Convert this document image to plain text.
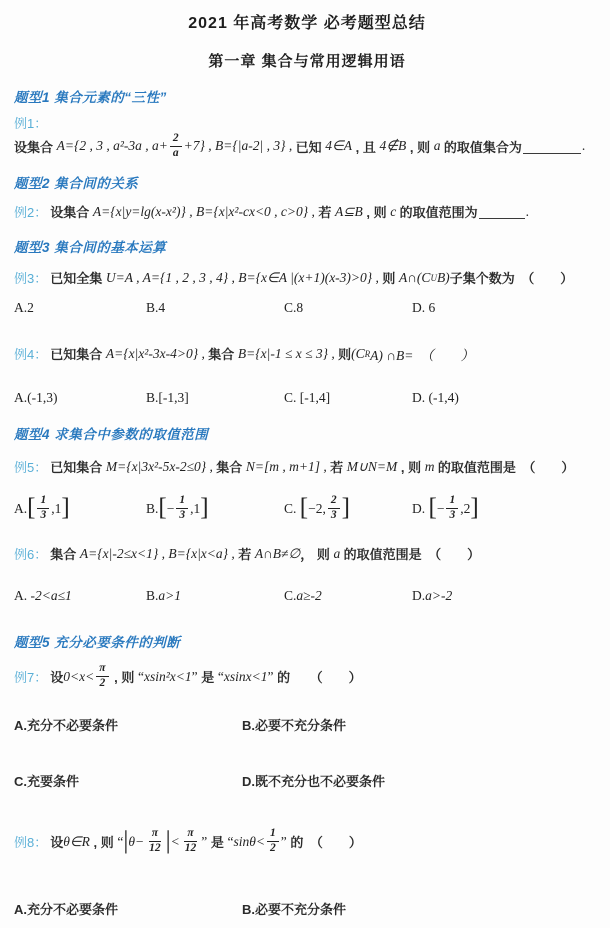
2021 年高考数学 必考题型总结
第一章 集合与常用逻辑用语
题型1 集合元素的“三性”
例1：
设集合 A={2 , 3 , a²-3a , $a+ \frac{2}{a} +7$} , B={|a-2| , 3} , 已知 4∈A , 且 4∉B , 则 a 的取值集合为	.
题型2 集合间的关系
例2： 设集合 A={x|y=lg(x-x²)} , B={x|x²-cx<0 , c>0} , 若 A⊆B , 则 c 的取值范围为	.
题型3 集合间的基本运算
例3： 已知全集 U=A , A={1 , 2 , 3 , 4} , B={x∈A |(x+1)(x-3)>0} , 则 A∩(C U B) 子集个数为　（　　）
A.2	B.4	C.8	D. 6
例4： 已知集合 A={x|x²-3x-4>0} , 集合 B={x|-1 ≤ x ≤ 3} , 则 (C R A) ∩B=　（　　）
A.(-1,3)	B.[-1,3]	C. [-1,4]	D. (-1,4)
题型4 求集合中参数的取值范围
例5： 已知集合 M={x|3x²-5x-2≤0} , 集合 N=[m , m+1] , 若 M∪N=M , 则 m 的取值范围是　（　　）
A. [ $\frac{1}{3} ,1$ ]	B. [ − $\frac{1}{3} ,1$ ]	C. [ −2, $\frac{2}{3}$ ]	D. [ − $\frac{1}{3} ,2$ ]
例6： 集合 A={x|-2≤x<1} , B={x|x<a} , 若 A∩B≠∅ ， 则 a 的取值范围是　（　　）
A. -2<a≤1	B. a>1	C. a≥-2	D. a>-2
题型5 充分必要条件的判断
例7： 设 $0<x< \frac{\pi}{2}$ , 则 “ xsin²x<1 ” 是 “ xsinx<1 ” 的　　（　　）
A.充分不必要条件	B.必要不充分条件
C.充要条件	D.既不充分也不必要条件
例8： 设 θ∈R , 则 “ | $\theta- \frac{\pi}{12}$ | < $\frac{\pi}{12}$ ” 是 “ $\sin\theta< \frac{1}{2}$ ” 的　（　　）
A.充分不必要条件	B.必要不充分条件
